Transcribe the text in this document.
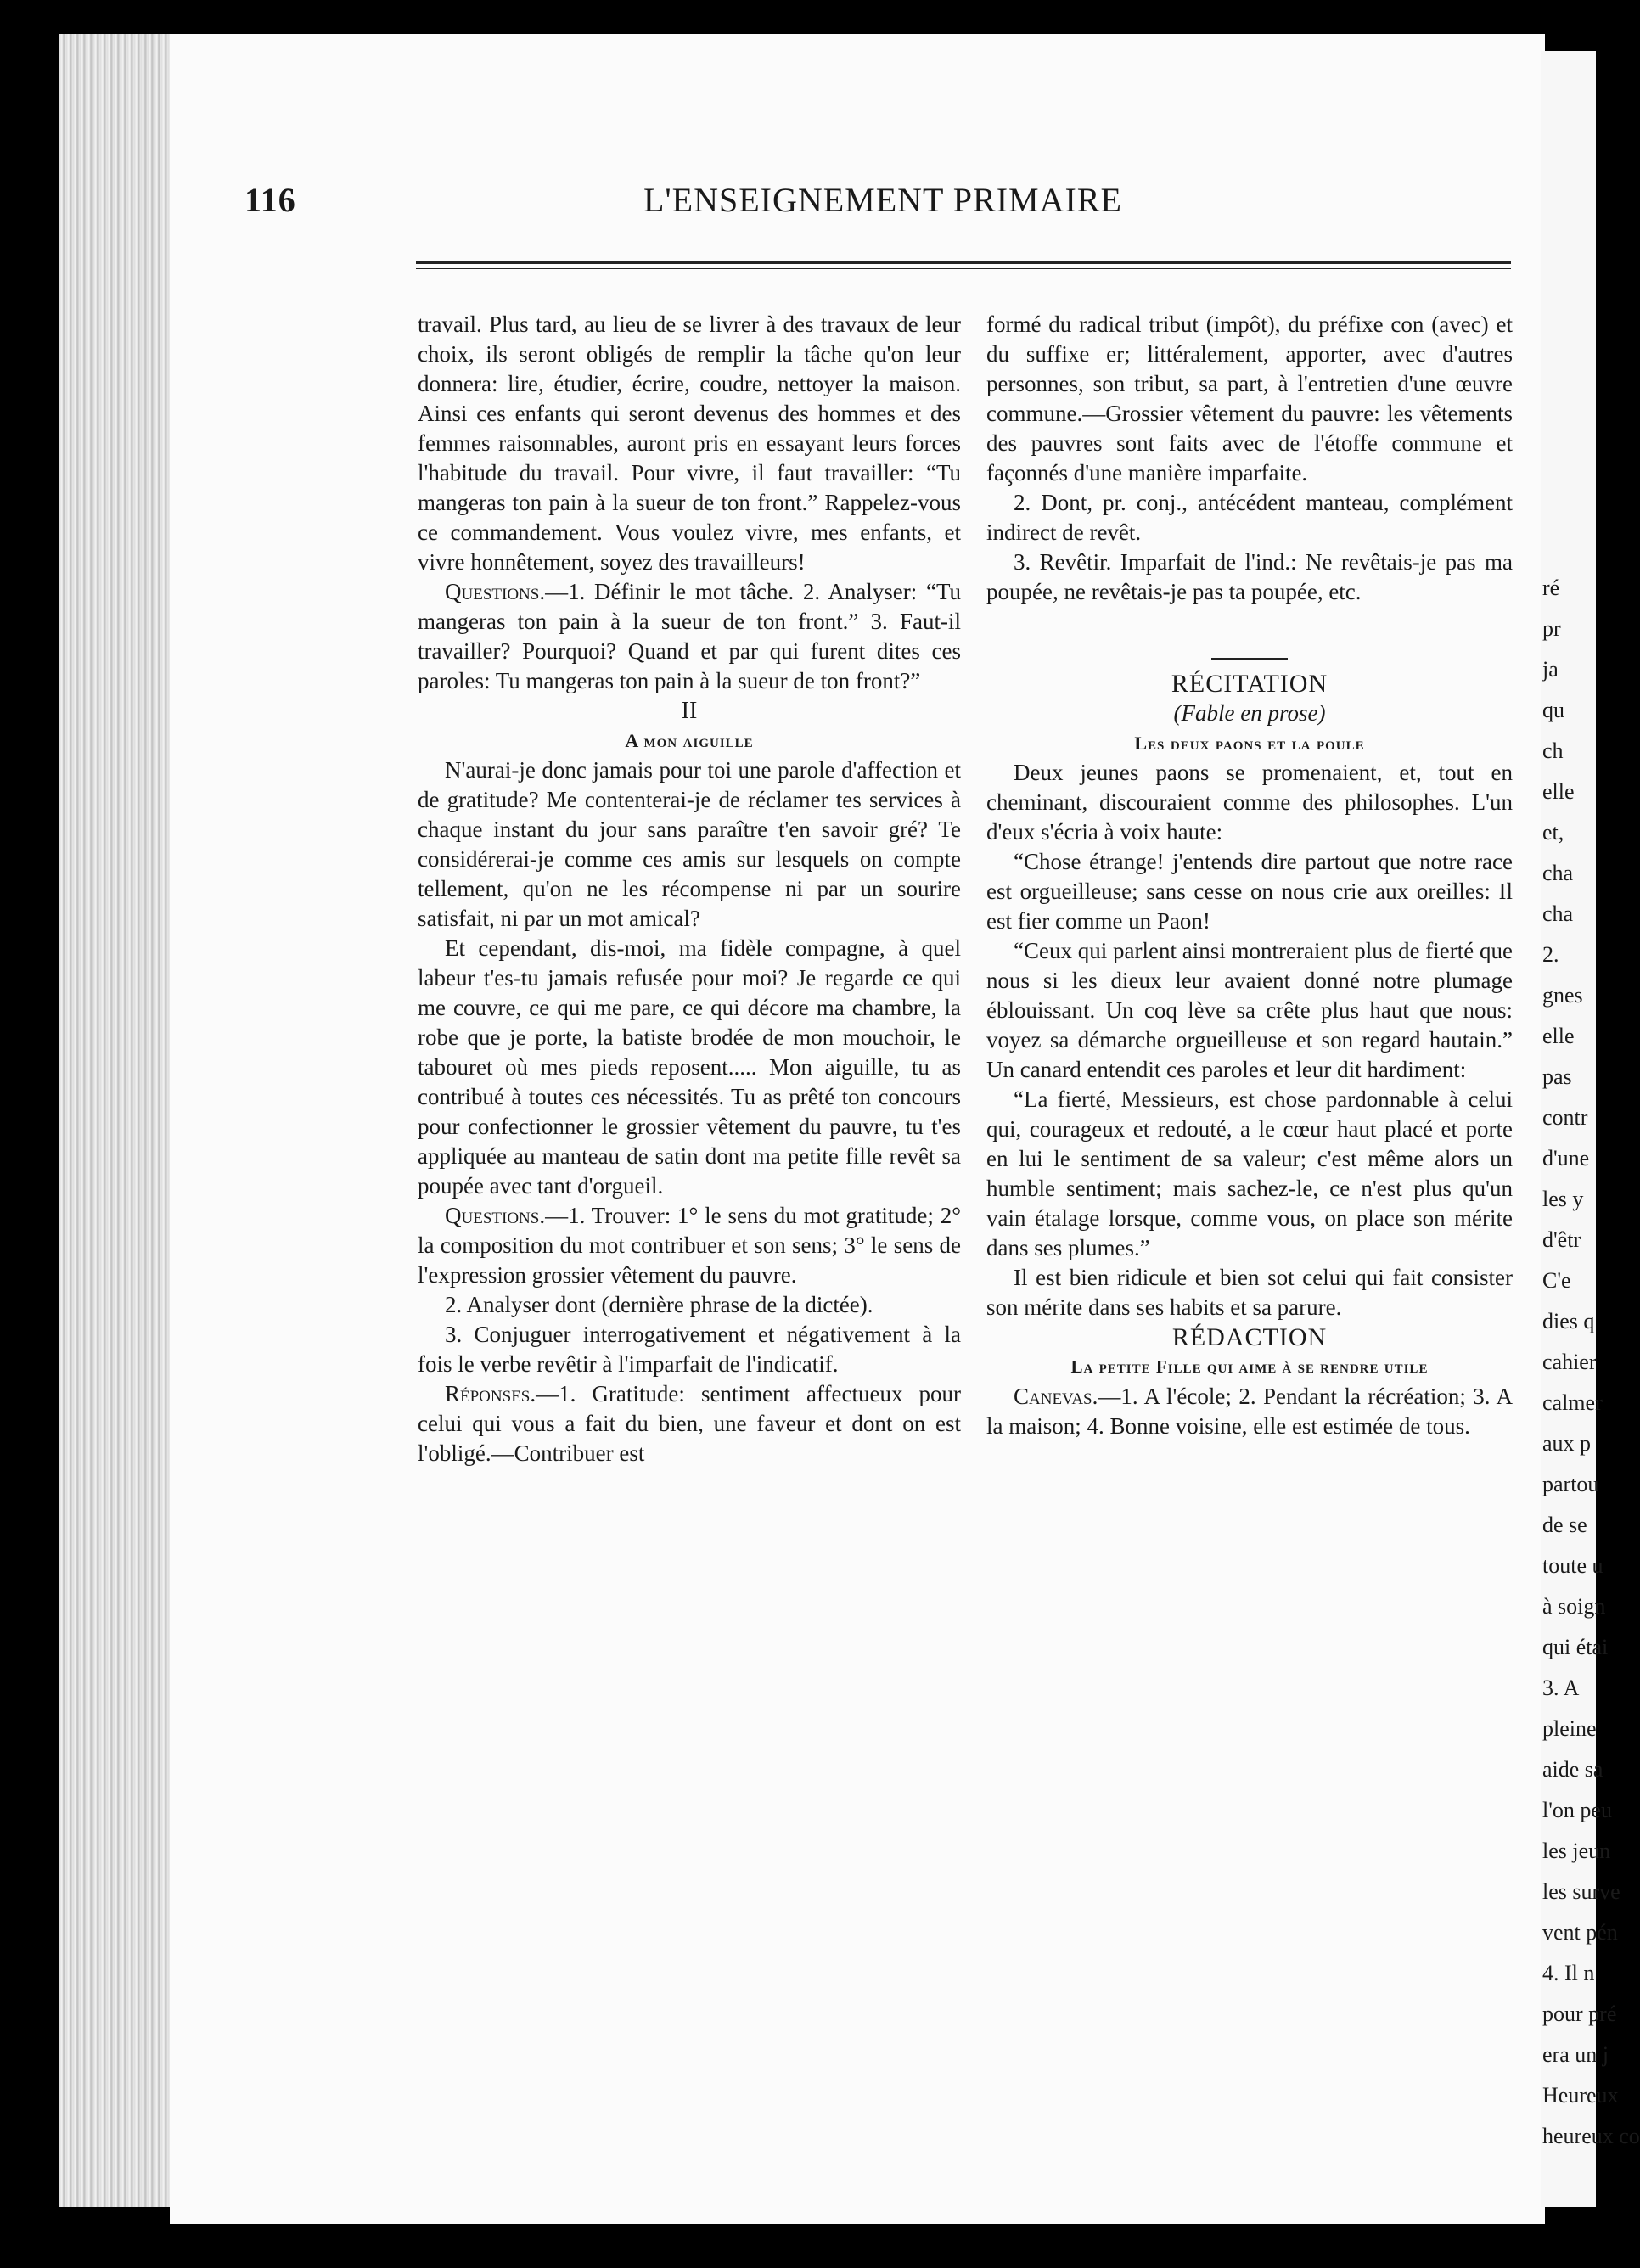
ré
pr
ja
qu
ch
elle
et,
cha
cha
2.
gnes
elle
pas
contr
d'une
les y
d'êtr
C'e
dies q
cahier
calmer
aux p
partou
de se
toute u
à soign
qui étai
3. A
pleine
aide sa
l'on peu
les jeun
les surve
vent pén
4. Il n
pour pré
era un j
Heureux
heureux co
116	L'ENSEIGNEMENT PRIMAIRE

travail. Plus tard, au lieu de se livrer à des travaux de leur choix, ils seront obligés de remplir la tâche qu'on leur donnera: lire, étudier, écrire, coudre, nettoyer la maison. Ainsi ces enfants qui seront devenus des hommes et des femmes raisonnables, auront pris en essayant leurs forces l'habitude du travail. Pour vivre, il faut travailler: “Tu mangeras ton pain à la sueur de ton front.” Rappelez-vous ce commandement. Vous voulez vivre, mes enfants, et vivre honnêtement, soyez des travailleurs!

Questions.—1. Définir le mot tâche. 2. Analyser: “Tu mangeras ton pain à la sueur de ton front.” 3. Faut-il travailler? Pourquoi? Quand et par qui furent dites ces paroles: Tu mangeras ton pain à la sueur de ton front?”

II

A mon aiguille

N'aurai-je donc jamais pour toi une parole d'affection et de gratitude? Me contenterai-je de réclamer tes services à chaque instant du jour sans paraître t'en savoir gré? Te considérerai-je comme ces amis sur lesquels on compte tellement, qu'on ne les récompense ni par un sourire satisfait, ni par un mot amical?

Et cependant, dis-moi, ma fidèle compagne, à quel labeur t'es-tu jamais refusée pour moi? Je regarde ce qui me couvre, ce qui me pare, ce qui décore ma chambre, la robe que je porte, la batiste brodée de mon mouchoir, le tabouret où mes pieds reposent..... Mon aiguille, tu as contribué à toutes ces nécessités. Tu as prêté ton concours pour confectionner le grossier vêtement du pauvre, tu t'es appliquée au manteau de satin dont ma petite fille revêt sa poupée avec tant d'orgueil.

Questions.—1. Trouver: 1° le sens du mot gratitude; 2° la composition du mot contribuer et son sens; 3° le sens de l'expression grossier vêtement du pauvre.

2. Analyser dont (dernière phrase de la dictée).

3. Conjuguer interrogativement et négativement à la fois le verbe revêtir à l'imparfait de l'indicatif.

Réponses.—1. Gratitude: sentiment affectueux pour celui qui vous a fait du bien, une faveur et dont on est l'obligé.—Contribuer est

formé du radical tribut (impôt), du préfixe con (avec) et du suffixe er; littéralement, apporter, avec d'autres personnes, son tribut, sa part, à l'entretien d'une œuvre commune.—Grossier vêtement du pauvre: les vêtements des pauvres sont faits avec de l'étoffe commune et façonnés d'une manière imparfaite.

2. Dont, pr. conj., antécédent manteau, complément indirect de revêt.

3. Revêtir. Imparfait de l'ind.: Ne revêtais-je pas ma poupée, ne revêtais-je pas ta poupée, etc.

RÉCITATION

(Fable en prose)

Les deux paons et la poule

Deux jeunes paons se promenaient, et, tout en cheminant, discouraient comme des philosophes. L'un d'eux s'écria à voix haute:

“Chose étrange! j'entends dire partout que notre race est orgueilleuse; sans cesse on nous crie aux oreilles: Il est fier comme un Paon!

“Ceux qui parlent ainsi montreraient plus de fierté que nous si les dieux leur avaient donné notre plumage éblouissant. Un coq lève sa crête plus haut que nous: voyez sa démarche orgueilleuse et son regard hautain.” Un canard entendit ces paroles et leur dit hardiment:

“La fierté, Messieurs, est chose pardonnable à celui qui, courageux et redouté, a le cœur haut placé et porte en lui le sentiment de sa valeur; c'est même alors un humble sentiment; mais sachez-le, ce n'est plus qu'un vain étalage lorsque, comme vous, on place son mérite dans ses plumes.”

Il est bien ridicule et bien sot celui qui fait consister son mérite dans ses habits et sa parure.

RÉDACTION

La petite Fille qui aime à se rendre utile

Canevas.—1. A l'école; 2. Pendant la récréation; 3. A la maison; 4. Bonne voisine, elle est estimée de tous.
